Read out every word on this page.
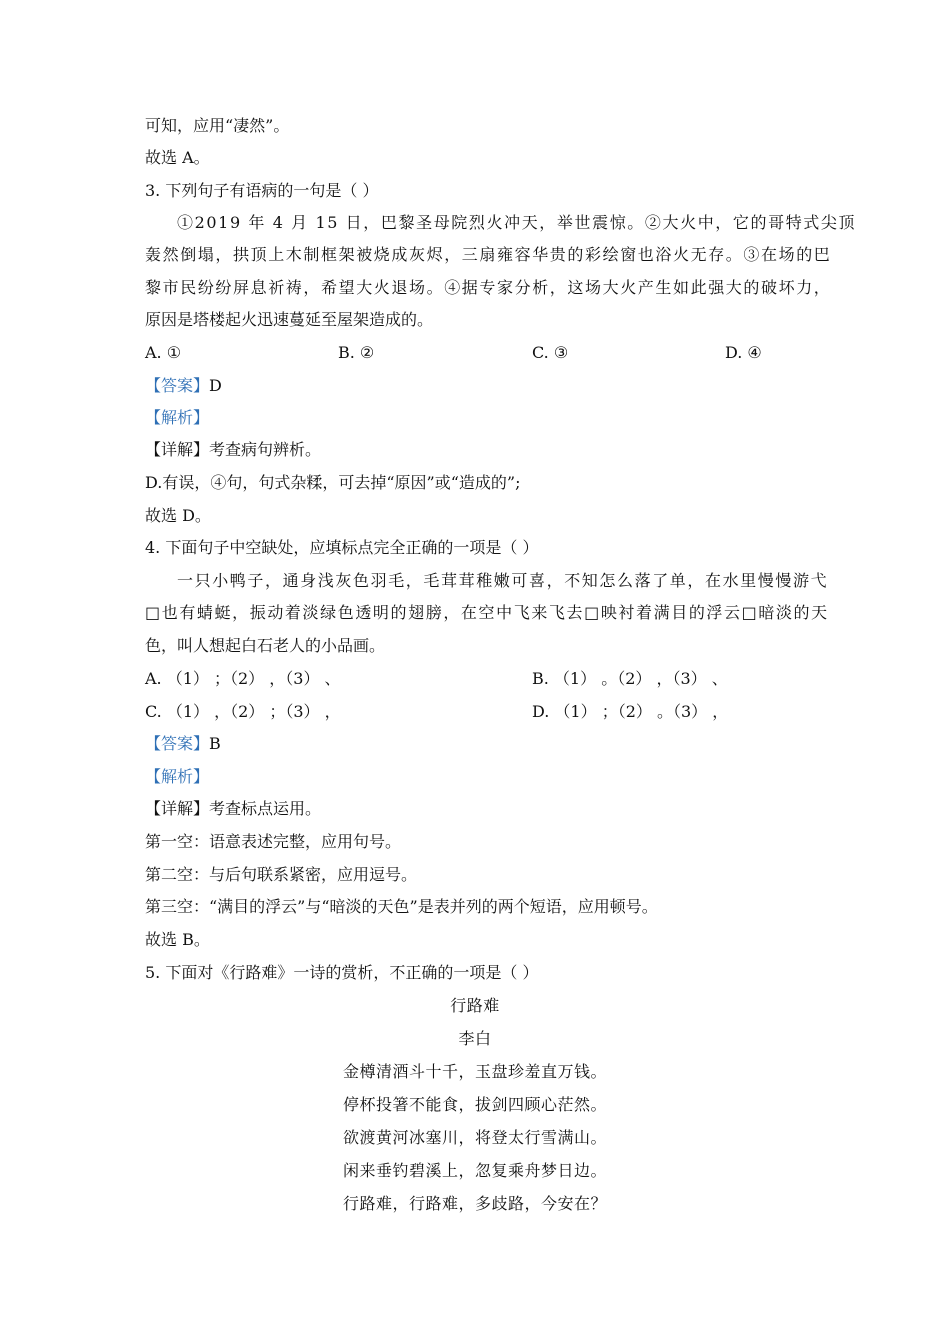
可知，应用“凄然”。
故选 A。
3. 下列句子有语病的一句是（ ）
①2019 年 4 月 15 日，巴黎圣母院烈火冲天，举世震惊。②大火中，它的哥特式尖顶
轰然倒塌，拱顶上木制框架被烧成灰烬，三扇雍容华贵的彩绘窗也浴火无存。③在场的巴
黎市民纷纷屏息祈祷，希望大火退场。④据专家分析，这场大火产生如此强大的破坏力，
原因是塔楼起火迅速蔓延至屋架造成的。
A. ①	B. ②	C. ③	D. ④
【答案】D
【解析】
【详解】考查病句辨析。
D.有误，④句，句式杂糅，可去掉“原因”或“造成的”;
故选 D。
4. 下面句子中空缺处，应填标点完全正确的一项是（ ）
一只小鸭子，通身浅灰色羽毛，毛茸茸稚嫩可喜，不知怎么落了单，在水里慢慢游弋
□也有蜻蜓，振动着淡绿色透明的翅膀，在空中飞来飞去□映衬着满目的浮云□暗淡的天
色，叫人想起白石老人的小品画。
A. （1） ；（2） ，（3） 、	B. （1） 。（2） ，（3） 、
C. （1） ，（2） ；（3） ，	D. （1） ；（2） 。（3） ，
【答案】B
【解析】
【详解】考查标点运用。
第一空：语意表述完整，应用句号。
第二空：与后句联系紧密，应用逗号。
第三空：“满目的浮云”与“暗淡的天色”是表并列的两个短语，应用顿号。
故选 B。
5. 下面对《行路难》一诗的赏析，不正确的一项是（ ）
行路难
李白
金樽清酒斗十千，玉盘珍羞直万钱。
停杯投箸不能食，拔剑四顾心茫然。
欲渡黄河冰塞川，将登太行雪满山。
闲来垂钓碧溪上，忽复乘舟梦日边。
行路难，行路难，多歧路，今安在？
